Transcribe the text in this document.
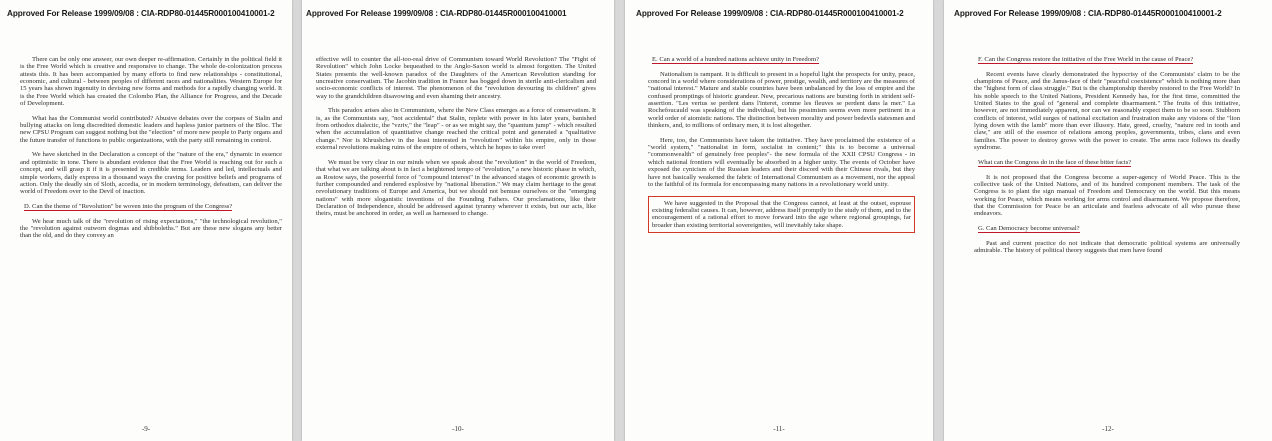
Approved For Release 1999/09/08 : CIA-RDP80-01445R000100410001-2

There can be only one answer, our own deeper re-affirmation. Certainly in the political field it is the Free World which is creative and responsive to change. The whole de-colonization process attests this. It has been accompanied by many efforts to find new relationships - constitutional, economic, and cultural - between peoples of different races and nationalities. Western Europe for 15 years has shown ingenuity in devising new forms and methods for a rapidly changing world. It is the Free World which has created the Colombo Plan, the Alliance for Progress, and the Decade of Development.

What has the Communist world contributed? Abusive debates over the corpses of Stalin and bullying attacks on long discredited domestic leaders and hapless junior partners of the Bloc. The new CPSU Program can suggest nothing but the "election" of more new people to Party organs and the future transfer of functions to public organizations, with the party still remaining in control.

We have sketched in the Declaration a concept of the "nature of the era," dynamic in essence and optimistic in tone. There is abundant evidence that the Free World is reaching out for such a concept, and will grasp it if it is presented in credible terms. Leaders and led, intellectuals and simple workers, daily express in a thousand ways the craving for positive beliefs and programs of action. Only the deadly sin of Sloth, accedia, or in modern terminology, defeatism, can deliver the world of Freedom over to the Devil of inaction.

D. Can the theme of "Revolution" be woven into the program of the Congress?

We hear much talk of the "revolution of rising expectations," "the technological revolution," the "revolution against outworn dogmas and shibboleths." But are these new slogans any better than the old, and do they convey an

-9-
Approved For Release 1999/09/08 : CIA-RDP80-01445R000100410001

effective will to counter the all-too-real drive of Communism toward World Revolution? The "Fight of Revolution" which John Locke bequeathed to the Anglo-Saxon world is almost forgotten. The United States presents the well-known paradox of the Daughters of the American Revolution standing for uncreative conservatism. The Jacobin tradition in France has bogged down in sterile anti-clericalism and socio-economic conflicts of interest. The phenomenon of the "revolution devouring its children" gives way to the grandchildren disavowing and even shaming their ancestry.

This paradox arises also in Communism, where the New Class emerges as a force of conservatism. It is, as the Communists say, "not accidental" that Stalin, replete with power in his later years, banished from orthodox dialectic, the "vzriv," the "leap" - or as we might say, the "quantum jump" - which resulted when the accumulation of quantitative change reached the critical point and generated a "qualitative change." Nor is Khrushchev in the least interested in "revolution" within his empire, only in those external revolutions making ruins of the empire of others, which he hopes to take over!

We must be very clear in our minds when we speak about the "revolution" in the world of Freedom, that what we are talking about is in fact a heightened tempo of "evolution," a new historic phase in which, as Rostow says, the powerful force of "compound interest" in the advanced stages of economic growth is further compounded and rendered explosive by "national liberation." We may claim heritage to the great revolutionary traditions of Europe and America, but we should not bemuse ourselves or the "emerging nations" with more sloganistic inventions of the Founding Fathers. Our proclamations, like their Declaration of Independence, should be addressed against tyranny wherever it exists, but our acts, like theirs, must be anchored in order, as well as harnessed to change.

-10-
Approved For Release 1999/09/08 : CIA-RDP80-01445R000100410001-2

E. Can a world of a hundred nations achieve unity in Freedom?

Nationalism is rampant. It is difficult to present in a hopeful light the prospects for unity, peace, concord in a world where considerations of power, prestige, wealth, and territory are the measures of "national interest." Mature and stable countries have been unbalanced by the loss of empire and the confused promptings of historic grandeur. New, precarious nations are bursting forth in strident self-assertion. "Les vertus se perdent dans l'interet, comme les fleuves se perdent dans la mer." La Rochefoucauld was speaking of the individual, but his pessimism seems even more pertinent in a world order of atomistic nations. The distinction between morality and power bedevils statesmen and thinkers, and, to millions of ordinary men, it is lost altogether.

Here, too, the Communists have taken the initiative. They have proclaimed the existence of a "world system," "nationalist in form, socialist in content;" this is to become a universal "commonwealth" of genuinely free peoples"- the new formula of the XXII CPSU Congress - in which national frontiers will eventually be absorbed in a higher unity. The events of October have exposed the cynicism of the Russian leaders and their discord with their Chinese rivals, but they have not basically weakened the fabric of International Communism as a movement, nor the appeal to the faithful of its formula for encompassing many nations in a revolutionary world unity.

We have suggested in the Proposal that the Congress cannot, at least at the outset, espouse existing federalist causes. It can, however, address itself promptly to the study of them, and to the encouragement of a rational effort to move forward into the age where regional groupings, far broader than existing territorial sovereignties, will inevitably take shape.

-11-
Approved For Release 1999/09/08 : CIA-RDP80-01445R000100410001-2

F. Can the Congress restore the initiative of the Free World in the cause of Peace?

Recent events have clearly demonstrated the hypocrisy of the Communists' claim to be the champions of Peace, and the Janus-face of their "peaceful coexistence" which is nothing more than the "highest form of class struggle." But is the championship thereby restored to the Free World? In his noble speech to the United Nations, President Kennedy has, for the first time, committed the United States to the goal of "general and complete disarmament." The fruits of this initiative, however, are not immediately apparent, nor can we reasonably expect them to be so soon. Stubborn conflicts of interest, wild surges of national excitation and frustration make any visions of the "lion lying down with the lamb" more than ever illusory. Hate, greed, cruelty, "nature red in tooth and claw," are still of the essence of relations among peoples, governments, tribes, clans and even families. The power to destroy grows with the power to create. The arms race follows its deadly syndrome.

What can the Congress do in the face of these bitter facts?

It is not proposed that the Congress become a super-agency of World Peace. This is the collective task of the United Nations, and of its hundred component members. The task of the Congress is to plant the sign manual of Freedom and Democracy on the world. But this means working for Peace, which means working for arms control and disarmament. We propose therefore, that the Commission for Peace be an articulate and fearless advocate of all who pursue these endeavors.

G. Can Democracy become universal?

Past and current practice do not indicate that democratic political systems are universally admirable. The history of political theory suggests that men have found

-12-
